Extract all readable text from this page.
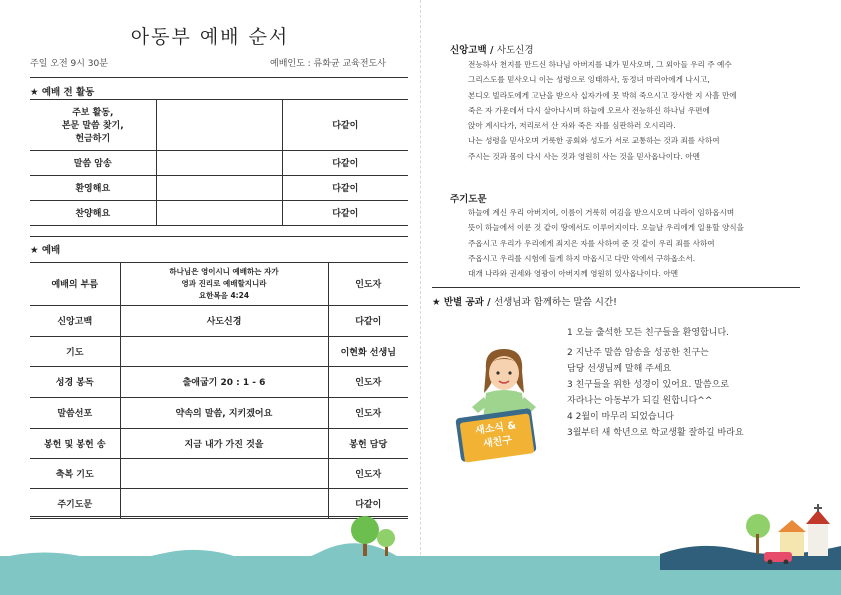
아동부 예배 순서
주일 오전 9시 30분	예배인도 : 류화균 교육전도사
★ 예배 전 활동
주보 활동,
본문 말씀 찾기,
헌금하기		다같이
말씀 암송		다같이
환영해요		다같이
찬양해요		다같이
★ 예배
예배의 부름	하나님은 영이시니 예배하는 자가
영과 진리로 예배할지니라
요한복음 4:24	인도자
신앙고백	사도신경	다같이
기도		이현화 선생님
성경 봉독	출애굽기 20 : 1 - 6	인도자
말씀선포	약속의 말씀, 지키겠어요	인도자
봉헌 및 봉헌 송	지금 내가 가진 것을	봉헌 담당
축복 기도		인도자
주기도문		다같이
신앙고백 / 사도신경
전능하사 천지를 만드신 하나님 아버지를 내가 믿사오며, 그 외아들 우리 주 예수
그리스도를 믿사오니 이는 성령으로 잉태하사, 동정녀 마리아에게 나시고,
본디오 빌라도에게 고난을 받으사 십자가에 못 박혀 죽으시고 장사한 지 사흘 만에
죽은 자 가운데서 다시 살아나시며 하늘에 오르사 전능하신 하나님 우편에
앉아 계시다가, 저리로서 산 자와 죽은 자를 심판하러 오시리라.
나는 성령을 믿사오며 거룩한 공회와 성도가 서로 교통하는 것과 죄를 사하여
주시는 것과 몸이 다시 사는 것과 영원히 사는 것을 믿사옵나이다. 아멘
주기도문
하늘에 계신 우리 아버지여, 이름이 거룩히 여김을 받으시오며 나라이 임하옵시며
뜻이 하늘에서 이룬 것 같이 땅에서도 이루어지이다. 오늘날 우리에게 일용할 양식을
주옵시고 우리가 우리에게 죄지은 자를 사하여 준 것 같이 우리 죄를 사하여
주옵시고 우리를 시험에 들게 하지 마옵시고 다만 악에서 구하옵소서.
대개 나라와 권세와 영광이 아버지께 영원히 있사옵나이다. 아멘
★ 반별 공과 / 선생님과 함께하는 말씀 시간!
새소식 &
새친구
1 오늘 출석한 모든 친구들을 환영합니다.
2 지난주 말씀 암송을 성공한 친구는
담당 선생님께 말해 주세요
3 친구들을 위한 성경이 있어요. 말씀으로
자라나는 아동부가 되길 원합니다^^
4 2월이 마무리 되었습니다
3월부터 새 학년으로 학교생활 잘하길 바라요
